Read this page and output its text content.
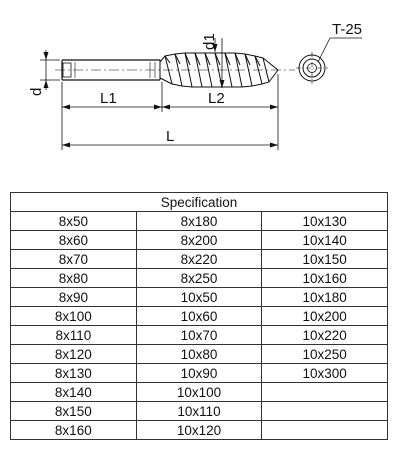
d
d1
L1	L2
L
T-25
Specification		
8x50	8x180	10x130
8x60	8x200	10x140
8x70	8x220	10x150
8x80	8x250	10x160
8x90	10x50	10x180
8x100	10x60	10x200
8x110	10x70	10x220
8x120	10x80	10x250
8x130	10x90	10x300
8x140	10x100	
8x150	10x110	
8x160	10x120	
